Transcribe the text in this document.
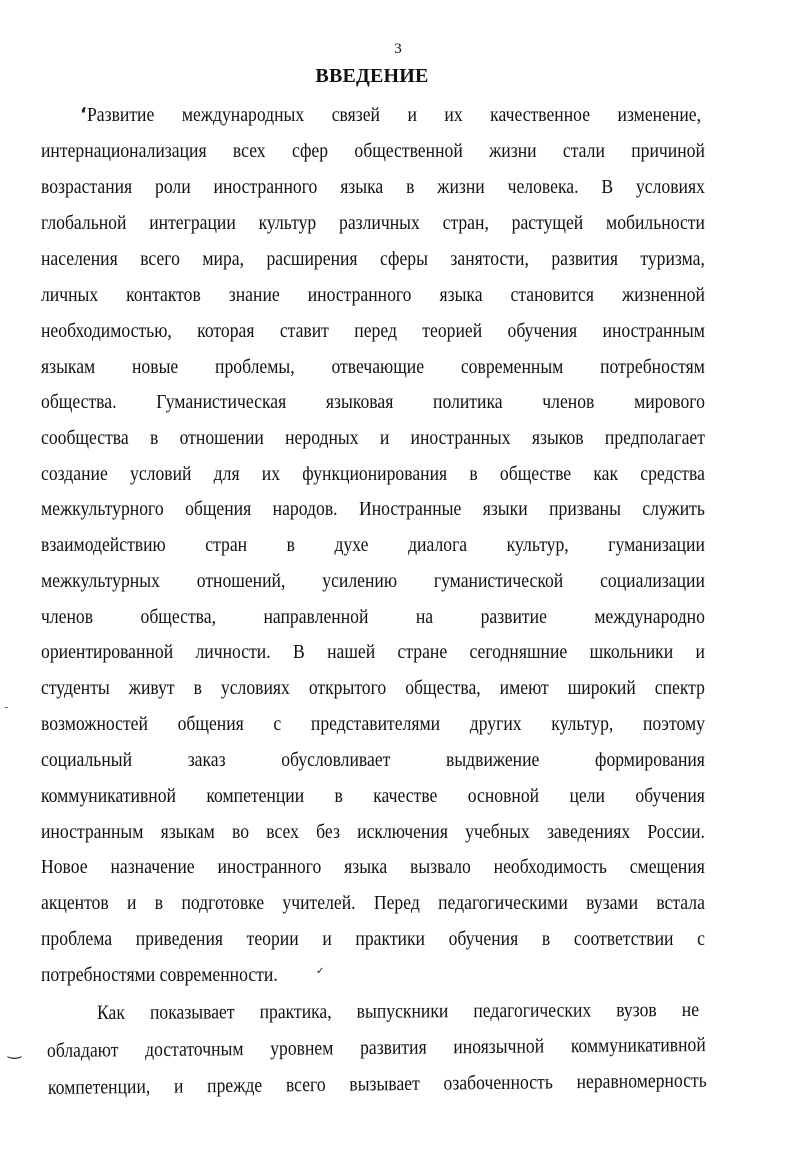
3
ВВЕДЕНИЕ
ʻ
-
‿
✓
Развитие международных связей и их качественное изменение,
интернационализация всех сфер общественной жизни стали причиной
возрастания роли иностранного языка в жизни человека. В условиях
глобальной интеграции культур различных стран, растущей мобильности
населения всего мира, расширения сферы занятости, развития туризма,
личных контактов знание иностранного языка становится жизненной
необходимостью, которая ставит перед теорией обучения иностранным
языкам новые проблемы, отвечающие современным потребностям
общества. Гуманистическая языковая политика членов мирового
сообщества в отношении неродных и иностранных языков предполагает
создание условий для их функционирования в обществе как средства
межкультурного общения народов. Иностранные языки призваны служить
взаимодействию стран в духе диалога культур, гуманизации
межкультурных отношений, усилению гуманистической социализации
членов общества, направленной на развитие международно
ориентированной личности. В нашей стране сегодняшние школьники и
студенты живут в условиях открытого общества, имеют широкий спектр
возможностей общения с представителями других культур, поэтому
социальный заказ обусловливает выдвижение формирования
коммуникативной компетенции в качестве основной цели обучения
иностранным языкам во всех без исключения учебных заведениях России.
Новое назначение иностранного языка вызвало необходимость смещения
акцентов и в подготовке учителей. Перед педагогическими вузами встала
проблема приведения теории и практики обучения в соответствии с
потребностями современности.
Как показывает практика, выпускники педагогических вузов не
обладают достаточным уровнем развития иноязычной коммуникативной
компетенции, и прежде всего вызывает озабоченность неравномерность
